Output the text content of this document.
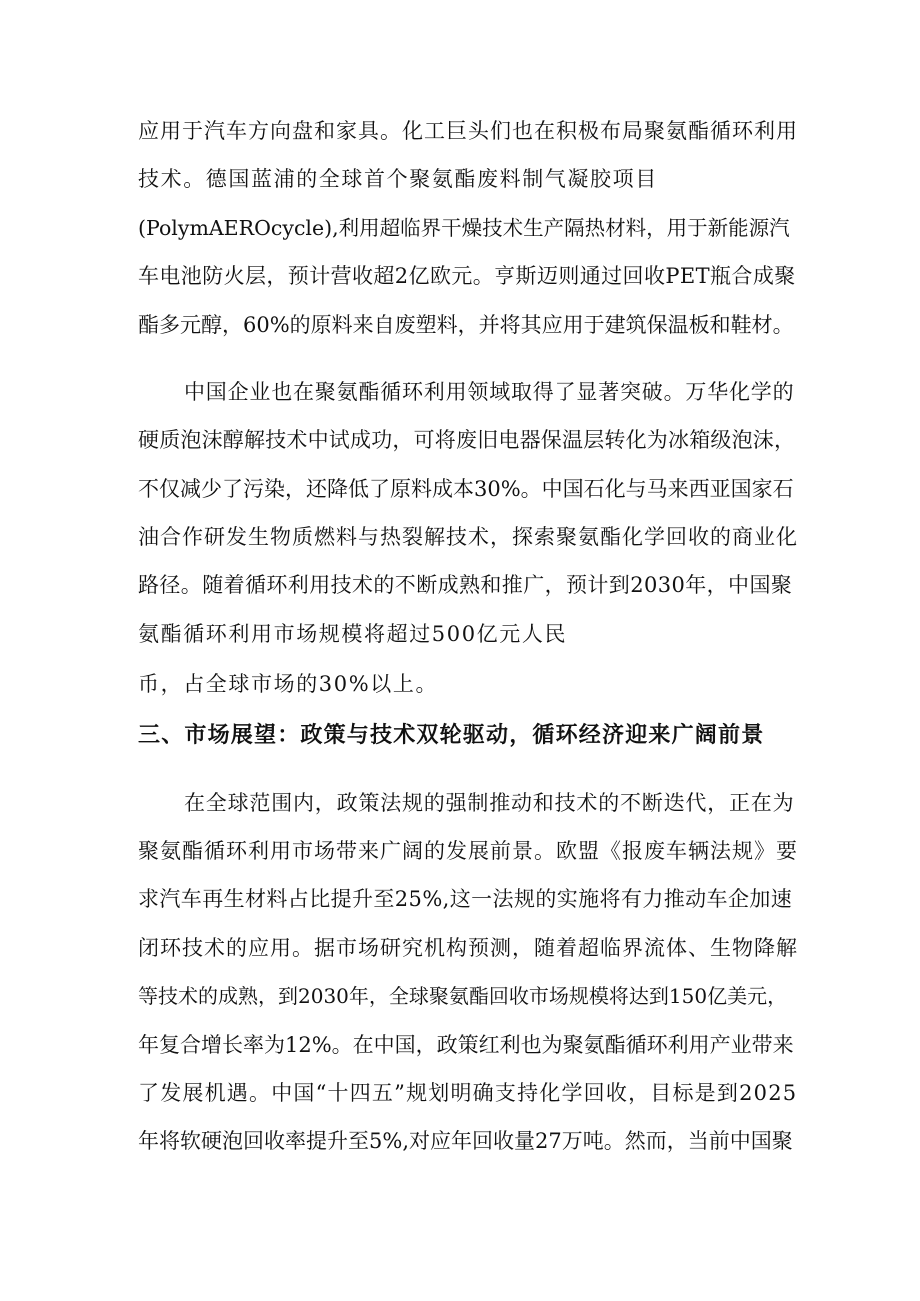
应用于汽车方向盘和家具。化工巨头们也在积极布局聚氨酯循环利用
技术。德国蓝浦的全球首个聚氨酯废料制气凝胶项目
(PolymAEROcycle),利用超临界干燥技术生产隔热材料，用于新能源汽
车电池防火层，预计营收超2亿欧元。亨斯迈则通过回收PET瓶合成聚
酯多元醇，60%的原料来自废塑料，并将其应用于建筑保温板和鞋材。
中国企业也在聚氨酯循环利用领域取得了显著突破。万华化学的
硬质泡沫醇解技术中试成功，可将废旧电器保温层转化为冰箱级泡沫，
不仅减少了污染，还降低了原料成本30%。中国石化与马来西亚国家石
油合作研发生物质燃料与热裂解技术，探索聚氨酯化学回收的商业化
路径。随着循环利用技术的不断成熟和推广，预计到2030年，中国聚
氨酯循环利用市场规模将超过500亿元人民
币，占全球市场的30%以上。
三、市场展望：政策与技术双轮驱动，循环经济迎来广阔前景
在全球范围内，政策法规的强制推动和技术的不断迭代，正在为
聚氨酯循环利用市场带来广阔的发展前景。欧盟《报废车辆法规》要
求汽车再生材料占比提升至25%,这一法规的实施将有力推动车企加速
闭环技术的应用。据市场研究机构预测，随着超临界流体、生物降解
等技术的成熟，到2030年，全球聚氨酯回收市场规模将达到150亿美元，
年复合增长率为12%。在中国，政策红利也为聚氨酯循环利用产业带来
了发展机遇。中国“十四五”规划明确支持化学回收，目标是到2025
年将软硬泡回收率提升至5%,对应年回收量27万吨。然而，当前中国聚
